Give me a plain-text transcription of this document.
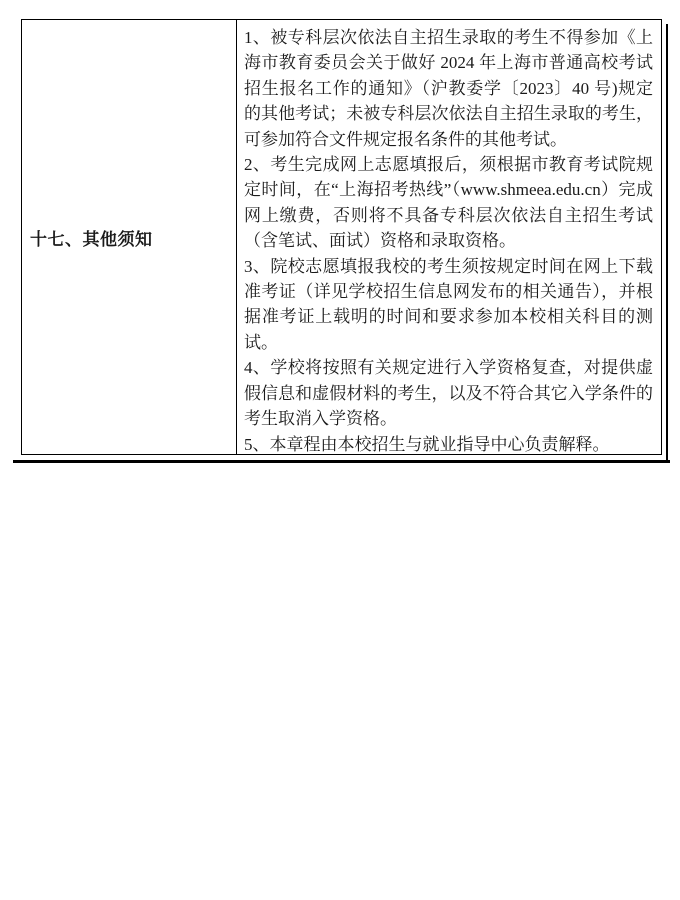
十七、其他须知

1、被专科层次依法自主招生录取的考生不得参加《上海市教育委员会关于做好 2024 年上海市普通高校考试招生报名工作的通知》（沪教委学〔2023〕40 号)规定的其他考试；未被专科层次依法自主招生录取的考生，可参加符合文件规定报名条件的其他考试。

2、考生完成网上志愿填报后，须根据市教育考试院规定时间，在“上海招考热线”（www.shmeea.edu.cn）完成网上缴费，否则将不具备专科层次依法自主招生考试（含笔试、面试）资格和录取资格。

3、院校志愿填报我校的考生须按规定时间在网上下载准考证（详见学校招生信息网发布的相关通告），并根据准考证上载明的时间和要求参加本校相关科目的测试。

4、学校将按照有关规定进行入学资格复查，对提供虚假信息和虚假材料的考生，以及不符合其它入学条件的考生取消入学资格。

5、本章程由本校招生与就业指导中心负责解释。
